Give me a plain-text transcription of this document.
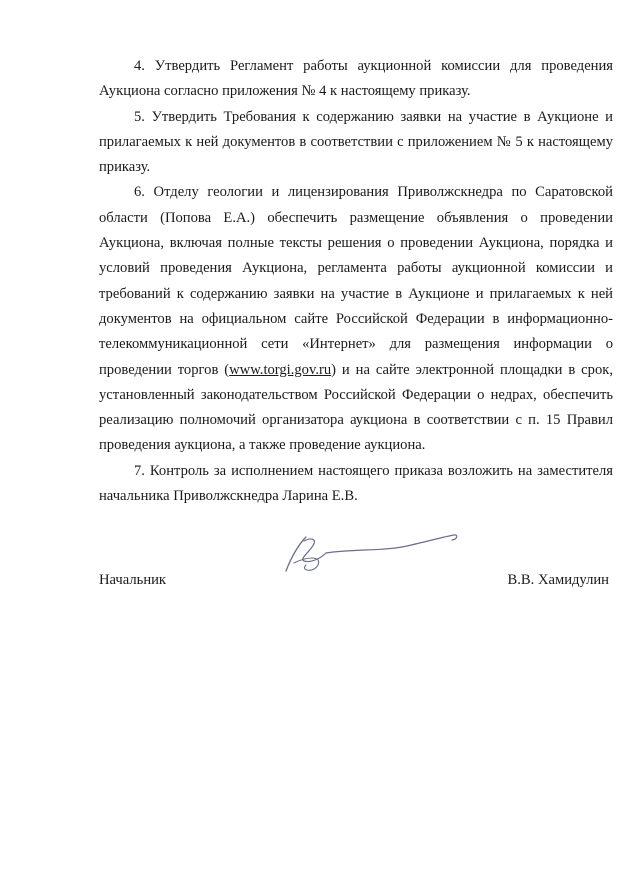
4. Утвердить Регламент работы аукционной комиссии для проведения Аукциона согласно приложения № 4 к настоящему приказу.

5. Утвердить Требования к содержанию заявки на участие в Аукционе и прилагаемых к ней документов в соответствии с приложением № 5 к настоящему приказу.

6. Отделу геологии и лицензирования Приволжскнедра по Саратовской области (Попова Е.А.) обеспечить размещение объявления о проведении Аукциона, включая полные тексты решения о проведении Аукциона, порядка и условий проведения Аукциона, регламента работы аукционной комиссии и требований к содержанию заявки на участие в Аукционе и прилагаемых к ней документов на официальном сайте Российской Федерации в информационно-телекоммуникационной сети «Интернет» для размещения информации о проведении торгов (www.torgi.gov.ru) и на сайте электронной площадки в срок, установленный законодательством Российской Федерации о недрах, обеспечить реализацию полномочий организатора аукциона в соответствии с п. 15 Правил проведения аукциона, а также проведение аукциона.

7. Контроль за исполнением настоящего приказа возложить на заместителя начальника Приволжскнедра Ларина Е.В.

Начальник	В.В. Хамидулин
